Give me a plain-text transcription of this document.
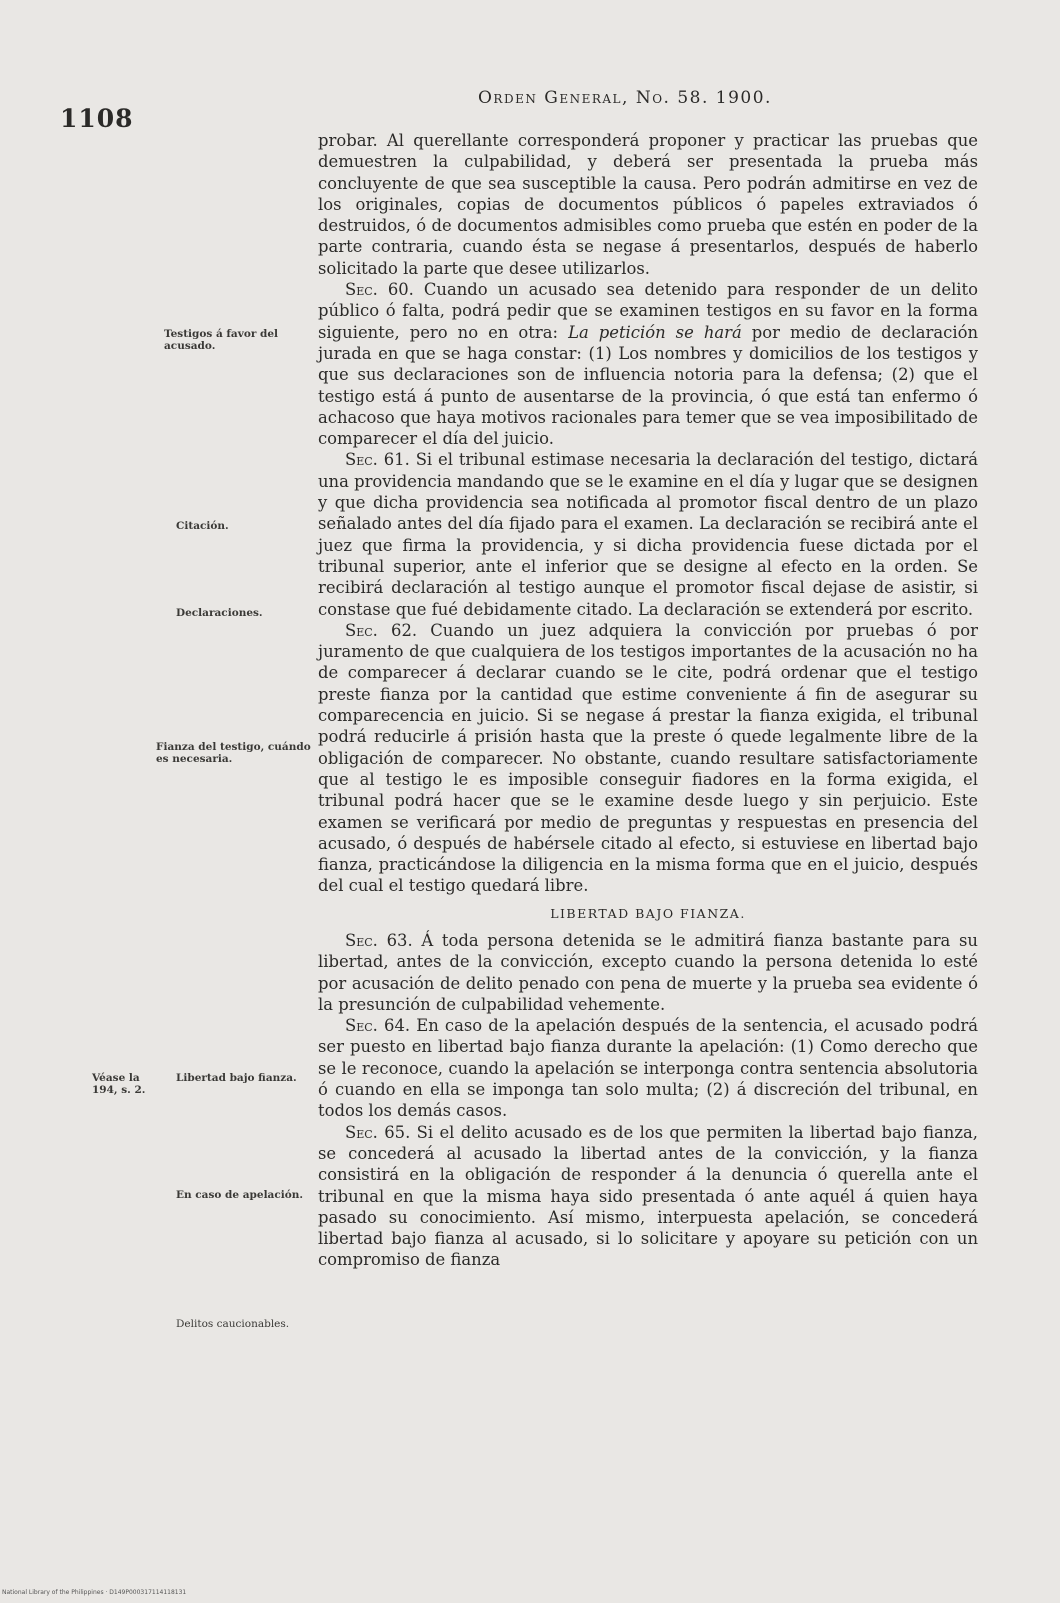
1108
Orden General, No. 58. 1900.
Testigos á favor del acusado.
Citación.
Declaraciones.
Fianza del testigo, cuándo es necesaria.
Véase la 194, s. 2.
Libertad bajo fianza.
En caso de apelación.
Delitos caucionables.

probar. Al querellante corresponderá proponer y practicar las pruebas que demuestren la culpabilidad, y deberá ser presentada la prueba más concluyente de que sea susceptible la causa. Pero podrán admitirse en vez de los originales, copias de documentos públicos ó papeles extraviados ó destruidos, ó de documentos admisibles como prueba que estén en poder de la parte contraria, cuando ésta se negase á presentarlos, después de haberlo solicitado la parte que desee utilizarlos.

Sec. 60. Cuando un acusado sea detenido para responder de un delito público ó falta, podrá pedir que se examinen testigos en su favor en la forma siguiente, pero no en otra: La petición se hará por medio de declaración jurada en que se haga constar: (1) Los nombres y domicilios de los testigos y que sus declaraciones son de influencia notoria para la defensa; (2) que el testigo está á punto de ausentarse de la provincia, ó que está tan enfermo ó achacoso que haya motivos racionales para temer que se vea imposibilitado de comparecer el día del juicio.

Sec. 61. Si el tribunal estimase necesaria la declaración del testigo, dictará una providencia mandando que se le examine en el día y lugar que se designen y que dicha providencia sea notificada al promotor fiscal dentro de un plazo señalado antes del día fijado para el examen. La declaración se recibirá ante el juez que firma la providencia, y si dicha providencia fuese dictada por el tribunal superior, ante el inferior que se designe al efecto en la orden. Se recibirá declaración al testigo aunque el promotor fiscal dejase de asistir, si constase que fué debidamente citado. La declaración se extenderá por escrito.

Sec. 62. Cuando un juez adquiera la convicción por pruebas ó por juramento de que cualquiera de los testigos importantes de la acusación no ha de comparecer á declarar cuando se le cite, podrá ordenar que el testigo preste fianza por la cantidad que estime conveniente á fin de asegurar su comparecencia en juicio. Si se negase á prestar la fianza exigida, el tribunal podrá reducirle á prisión hasta que la preste ó quede legalmente libre de la obligación de comparecer. No obstante, cuando resultare satisfactoriamente que al testigo le es imposible conseguir fiadores en la forma exigida, el tribunal podrá hacer que se le examine desde luego y sin perjuicio. Este examen se verificará por medio de preguntas y respuestas en presencia del acusado, ó después de habérsele citado al efecto, si estuviese en libertad bajo fianza, practicándose la diligencia en la misma forma que en el juicio, después del cual el testigo quedará libre.

LIBERTAD BAJO FIANZA.

Sec. 63. Á toda persona detenida se le admitirá fianza bastante para su libertad, antes de la convicción, excepto cuando la persona detenida lo esté por acusación de delito penado con pena de muerte y la prueba sea evidente ó la presunción de culpabilidad vehemente.

Sec. 64. En caso de la apelación después de la sentencia, el acusado podrá ser puesto en libertad bajo fianza durante la apelación: (1) Como derecho que se le reconoce, cuando la apelación se interponga contra sentencia absolutoria ó cuando en ella se imponga tan solo multa; (2) á discreción del tribunal, en todos los demás casos.

Sec. 65. Si el delito acusado es de los que permiten la libertad bajo fianza, se concederá al acusado la libertad antes de la convicción, y la fianza consistirá en la obligación de responder á la denuncia ó querella ante el tribunal en que la misma haya sido presentada ó ante aquél á quien haya pasado su conocimiento. Así mismo, interpuesta apelación, se concederá libertad bajo fianza al acusado, si lo solicitare y apoyare su petición con un compromiso de fianza

National Library of the Philippines · D149P000317114118131
